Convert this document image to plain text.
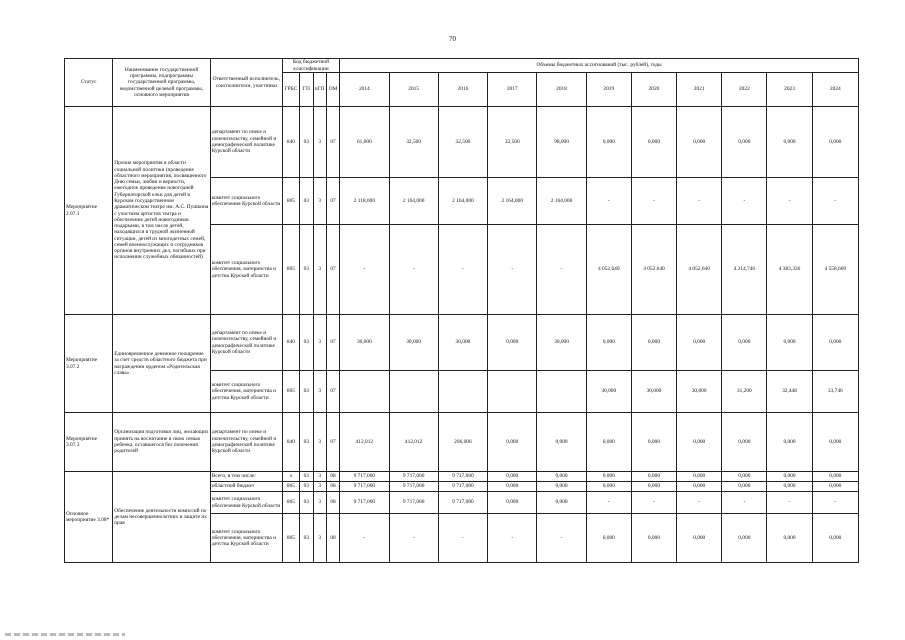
70
Статус	Наименование государственной программы, подпрограммы государственной программы, ведомственной целевой программы, основного мероприятия	Ответственный исполнитель, соисполнители, участники	Код бюджетной классификации				Объемы бюджетных ассигнований (тыс. рублей), годы										
			ГРБС	ГП	пГП	ОМ	2014	2015	2016	2017	2018	2019	2020	2021	2022	2023	2024
Мероприятие 2.07.1	Прочие мероприятия в области социальной политики (проведение областного мероприятия, посвященного Дню семьи, любви и верности, ежегодное проведение новогодней Губернаторской елки для детей в Курском государственном драматическом театре им. А.С. Пушкина с участием артистов театра и обеспечение детей новогодними подарками, в том числе детей, находящихся в трудной жизненной ситуации, детей из многодетных семей, семей военнослужащих и сотрудников органов внутренних дел, погибших при исполнении служебных обязанностей)	департамент по опеке и попечительству, семейной и демографической политике Курской области	840	03	3	07	61,000	32,500	32,500	32,500	98,000	0,000	0,000	0,000	0,000	0,000	0,000
		комитет социального обеспечения Курской области	805	03	3	07	2 118,000	2 164,000	2 164,000	2 164,000	2 164,000	-	-	-	-	-	-
		комитет социального обеспечения, материнства и детства Курской области	805	03	3	07	-	-	-	-	-	4 052,640	4 052,640	4 052,640	4 214,746	4 383,336	4 558,669
Мероприятие 3.07.2	Единовременное денежное поощрение за счет средств областного бюджета при награждении орденом «Родительская слава»	департамент по опеке и попечительству, семейной и демографической политике Курской области	840	03	3	07	30,000	30,000	30,000	0,000	30,000	0,000	0,000	0,000	0,000	0,000	0,000
		комитет социального обеспечения, материнства и детства Курской области	805	03	3	07						30,000	30,000	30,000	31,200	32,448	33,746
Мероприятие 3.07.3	Организация подготовки лиц, желающих принять на воспитание в свою семью ребенка, оставшегося без попечения родителей	департамент по опеке и попечительству, семейной и демографической политике Курской области	840	03	3	07	412,012	412,012	206,006	0,000	0,000	0,000	0,000	0,000	0,000	0,000	0,000
Основное мероприятие 3.08*	Обеспечение деятельности комиссий по делам несовершеннолетних и защите их прав	Всего, в том числе:	x	03	3	08	9 717,000	9 717,000	9 717,000	0,000	0,000	0,000	0,000	0,000	0,000	0,000	0,000
		областной бюджет	805	03	3	08	9 717,000	9 717,000	9 717,000	0,000	0,000	0,000	0,000	0,000	0,000	0,000	0,000
		комитет социального обеспечения Курской области	805	03	3	08	9 717,000	9 717,000	9 717,000	0,000	0,000	-	-	-	-	-	-
		комитет социального обеспечения, материнства и детства Курской области	805	03	3	08	-	-	-	-	-	0,000	0,000	0,000	0,000	0,000	0,000
